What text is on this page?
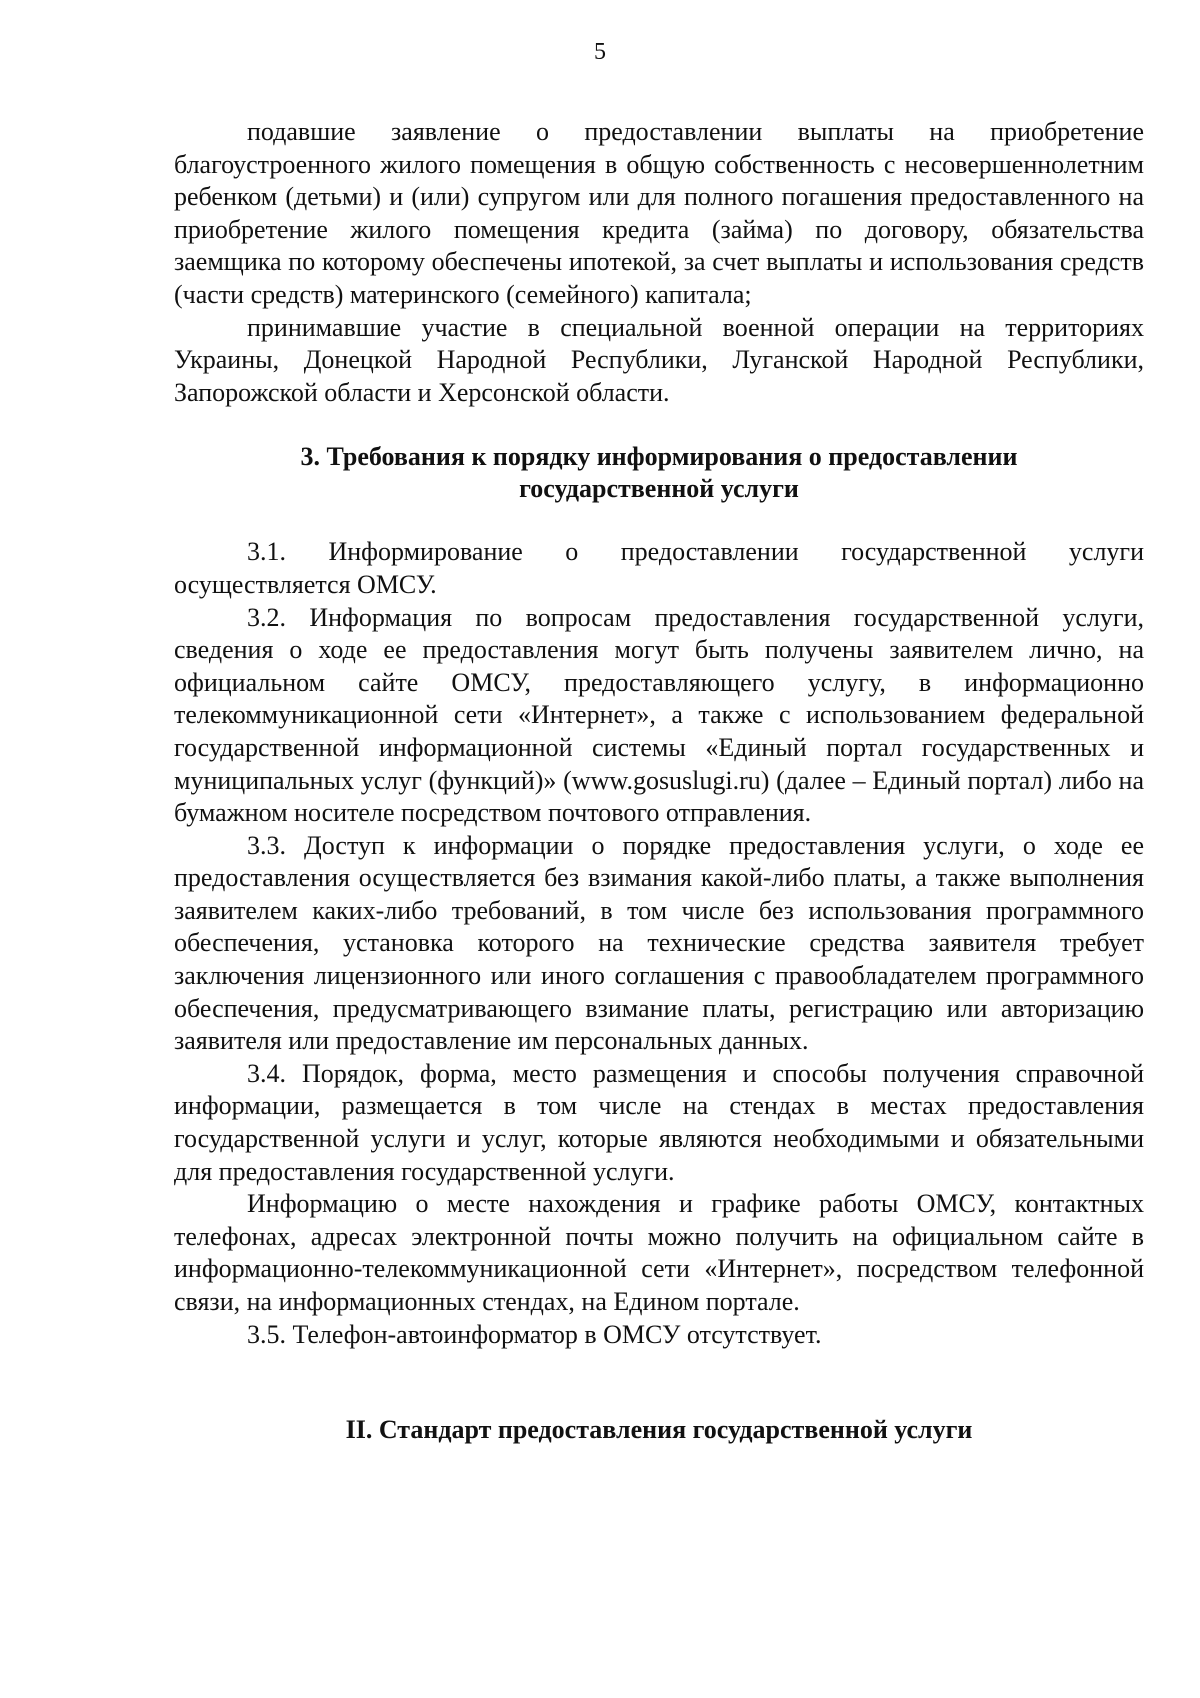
5

подавшие заявление о предоставлении выплаты на приобретение благоустроенного жилого помещения в общую собственность с несовершеннолетним ребенком (детьми) и (или) супругом или для полного погашения предоставленного на приобретение жилого помещения кредита (займа) по договору, обязательства заемщика по которому обеспечены ипотекой, за счет выплаты и использования средств (части средств) материнского (семейного) капитала;

принимавшие участие в специальной военной операции на территориях Украины, Донецкой Народной Республики, Луганской Народной Республики, Запорожской области и Херсонской области.

3. Требования к порядку информирования о предоставлении
государственной услуги

3.1. Информирование о предоставлении государственной услуги осуществляется ОМСУ.

3.2. Информация по вопросам предоставления государственной услуги, сведения о ходе ее предоставления могут быть получены заявителем лично, на официальном сайте ОМСУ, предоставляющего услугу, в информационно телекоммуникационной сети «Интернет», а также с использованием федеральной государственной информационной системы «Единый портал государственных и муниципальных услуг (функций)» (www.gosuslugi.ru) (далее – Единый портал) либо на бумажном носителе посредством почтового отправления.

3.3. Доступ к информации о порядке предоставления услуги, о ходе ее предоставления осуществляется без взимания какой-либо платы, а также выполнения заявителем каких-либо требований, в том числе без использования программного обеспечения, установка которого на технические средства заявителя требует заключения лицензионного или иного соглашения с правообладателем программного обеспечения, предусматривающего взимание платы, регистрацию или авторизацию заявителя или предоставление им персональных данных.

3.4. Порядок, форма, место размещения и способы получения справочной информации, размещается в том числе на стендах в местах предоставления государственной услуги и услуг, которые являются необходимыми и обязательными для предоставления государственной услуги.

Информацию о месте нахождения и графике работы ОМСУ, контактных телефонах, адресах электронной почты можно получить на официальном сайте в информационно-телекоммуникационной сети «Интернет», посредством телефонной связи, на информационных стендах, на Едином портале.

3.5. Телефон-автоинформатор в ОМСУ отсутствует.

II. Стандарт предоставления государственной услуги
